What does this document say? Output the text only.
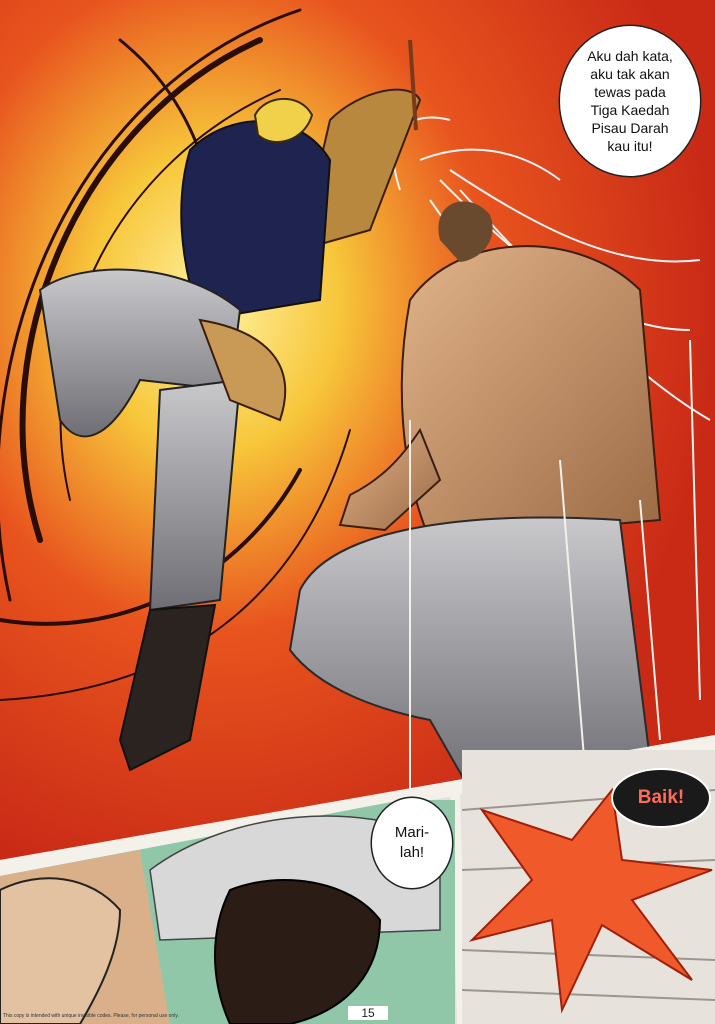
Aku dah kata,
aku tak akan
tewas pada
Tiga Kaedah
Pisau Darah
kau itu!
Mari-
lah!
Baik!
15
This copy is intended with unique invisible codes. Please, for personal use only.
